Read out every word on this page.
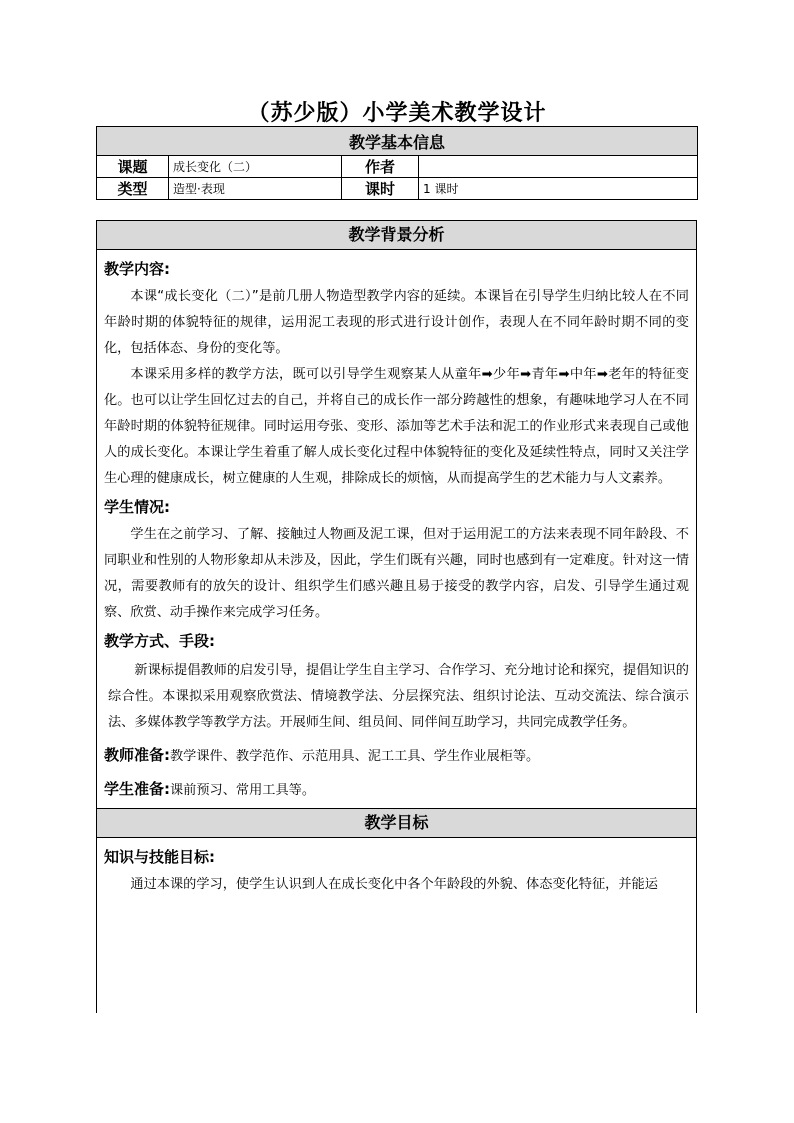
（苏少版）小学美术教学设计
教学基本信息			
课题	成长变化（二）	作者	
类型	造型·表现	课时	1 课时
教学背景分析

教学内容:

本课“成长变化（二）”是前几册人物造型教学内容的延续。本课旨在引导学生归纳比较人在不同年龄时期的体貌特征的规律，运用泥工表现的形式进行设计创作，表现人在不同年龄时期不同的变化，包括体态、身份的变化等。

本课采用多样的教学方法，既可以引导学生观察某人从童年➡少年➡青年➡中年➡老年的特征变化。也可以让学生回忆过去的自己，并将自己的成长作一部分跨越性的想象，有趣味地学习人在不同年龄时期的体貌特征规律。同时运用夸张、变形、添加等艺术手法和泥工的作业形式来表现自己或他人的成长变化。本课让学生着重了解人成长变化过程中体貌特征的变化及延续性特点，同时又关注学生心理的健康成长，树立健康的人生观，排除成长的烦恼，从而提高学生的艺术能力与人文素养。

学生情况:

学生在之前学习、了解、接触过人物画及泥工课，但对于运用泥工的方法来表现不同年龄段、不同职业和性别的人物形象却从未涉及，因此，学生们既有兴趣，同时也感到有一定难度。针对这一情况，需要教师有的放矢的设计、组织学生们感兴趣且易于接受的教学内容，启发、引导学生通过观察、欣赏、动手操作来完成学习任务。

教学方式、手段:

新课标提倡教师的启发引导，提倡让学生自主学习、合作学习、充分地讨论和探究，提倡知识的综合性。本课拟采用观察欣赏法、情境教学法、分层探究法、组织讨论法、互动交流法、综合演示法、多媒体教学等教学方法。开展师生间、组员间、同伴间互助学习，共同完成教学任务。

教师准备:教学课件、教学范作、示范用具、泥工工具、学生作业展柜等。

学生准备:课前预习、常用工具等。

教学目标

知识与技能目标:

通过本课的学习，使学生认识到人在成长变化中各个年龄段的外貌、体态变化特征，并能运
